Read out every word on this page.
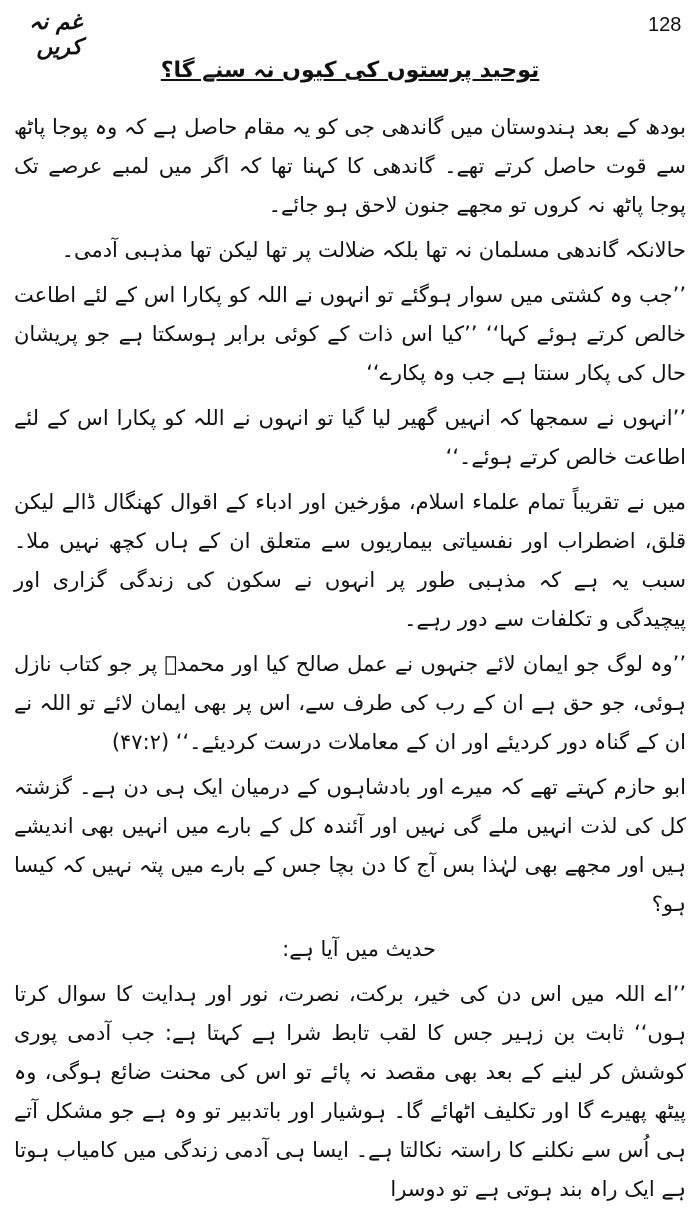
غم نہ کریں
128
توحید پرستوں کی کیوں نہ سنے گا؟

بودھ کے بعد ہندوستان میں گاندھی جی کو یہ مقام حاصل ہے کہ وہ پوجا پاٹھ سے قوت حاصل کرتے تھے۔ گاندھی کا کہنا تھا کہ اگر میں لمبے عرصے تک پوجا پاٹھ نہ کروں تو مجھے جنون لاحق ہو جائے۔

حالانکہ گاندھی مسلمان نہ تھا بلکہ ضلالت پر تھا لیکن تھا مذہبی آدمی۔

’’جب وہ کشتی میں سوار ہوگئے تو انہوں نے اللہ کو پکارا اس کے لئے اطاعت خالص کرتے ہوئے کہا‘‘ ’’کیا اس ذات کے کوئی برابر ہوسکتا ہے جو پریشان حال کی پکار سنتا ہے جب وہ پکارے‘‘

’’انہوں نے سمجھا کہ انہیں گھیر لیا گیا تو انہوں نے اللہ کو پکارا اس کے لئے اطاعت خالص کرتے ہوئے۔‘‘

میں نے تقریباً تمام علماء اسلام، مؤرخین اور ادباء کے اقوال کھنگال ڈالے لیکن قلق، اضطراب اور نفسیاتی بیماریوں سے متعلق ان کے ہاں کچھ نہیں ملا۔ سبب یہ ہے کہ مذہبی طور پر انہوں نے سکون کی زندگی گزاری اور پیچیدگی و تکلفات سے دور رہے۔

’’وہ لوگ جو ایمان لائے جنہوں نے عمل صالح کیا اور محمدؐ پر جو کتاب نازل ہوئی، جو حق ہے ان کے رب کی طرف سے، اس پر بھی ایمان لائے تو اللہ نے ان کے گناہ دور کردیئے اور ان کے معاملات درست کردیئے۔‘‘ (۴۷:۲)

ابو حازم کہتے تھے کہ میرے اور بادشاہوں کے درمیان ایک ہی دن ہے۔ گزشتہ کل کی لذت انہیں ملے گی نہیں اور آئندہ کل کے بارے میں انہیں بھی اندیشے ہیں اور مجھے بھی لہٰذا بس آج کا دن بچا جس کے بارے میں پتہ نہیں کہ کیسا ہو؟

حدیث میں آیا ہے:

’’اے اللہ میں اس دن کی خیر، برکت، نصرت، نور اور ہدایت کا سوال کرتا ہوں‘‘ ثابت بن زہیر جس کا لقب تابط شرا ہے کہتا ہے: جب آدمی پوری کوشش کر لینے کے بعد بھی مقصد نہ پائے تو اس کی محنت ضائع ہوگی، وہ پیٹھ پھیرے گا اور تکلیف اٹھائے گا۔ ہوشیار اور باتدبیر تو وہ ہے جو مشکل آتے ہی اُس سے نکلنے کا راستہ نکالتا ہے۔ ایسا ہی آدمی زندگی میں کامیاب ہوتا ہے ایک راہ بند ہوتی ہے تو دوسرا
